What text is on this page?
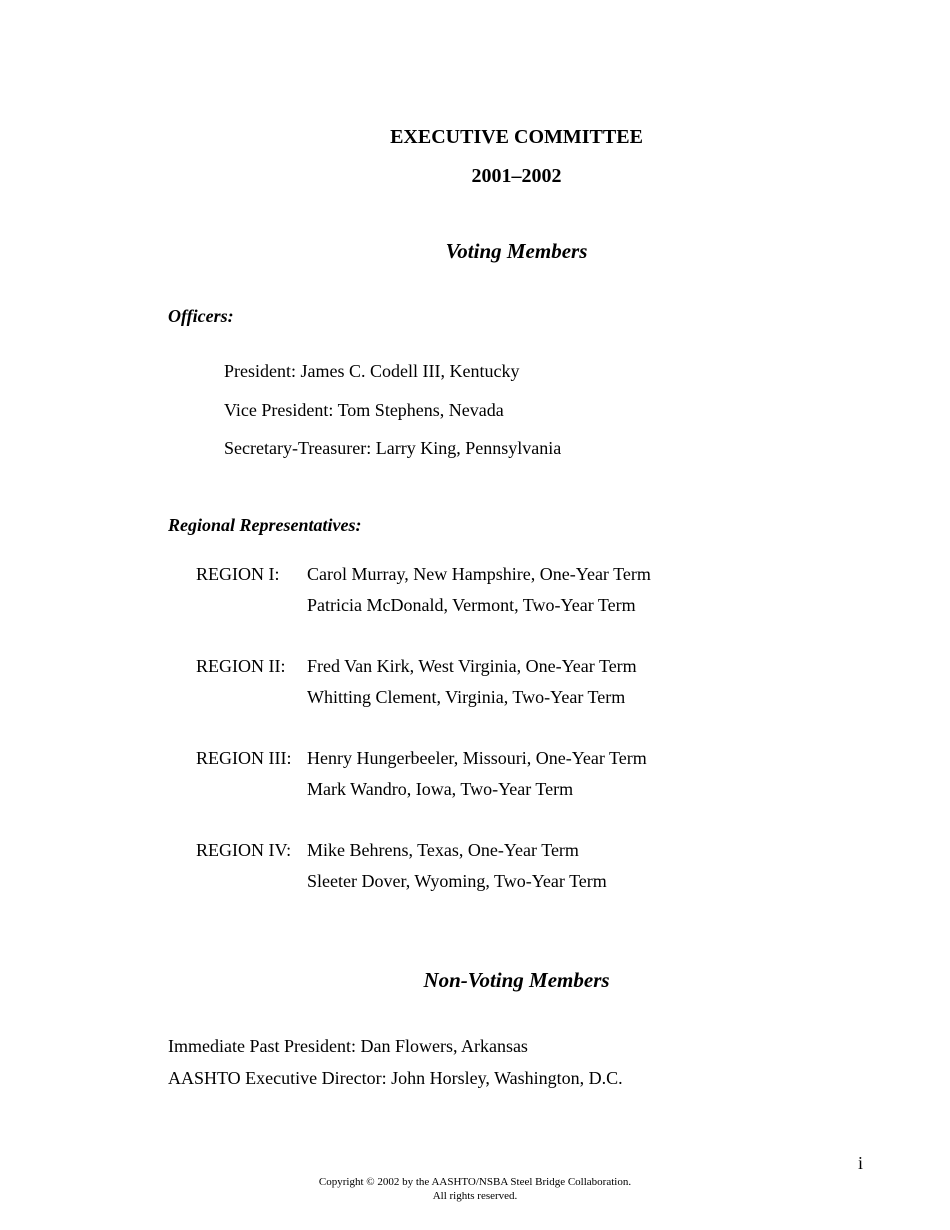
EXECUTIVE COMMITTEE
2001–2002
Voting Members
Officers:
President: James C. Codell III, Kentucky
Vice President: Tom Stephens, Nevada
Secretary-Treasurer: Larry King, Pennsylvania
Regional Representatives:
REGION I: Carol Murray, New Hampshire, One-Year Term
Patricia McDonald, Vermont, Two-Year Term
REGION II: Fred Van Kirk, West Virginia, One-Year Term
Whitting Clement, Virginia, Two-Year Term
REGION III: Henry Hungerbeeler, Missouri, One-Year Term
Mark Wandro, Iowa, Two-Year Term
REGION IV: Mike Behrens, Texas, One-Year Term
Sleeter Dover, Wyoming, Two-Year Term
Non-Voting Members
Immediate Past President: Dan Flowers, Arkansas
AASHTO Executive Director: John Horsley, Washington, D.C.
i
Copyright © 2002 by the AASHTO/NSBA Steel Bridge Collaboration.
All rights reserved.
